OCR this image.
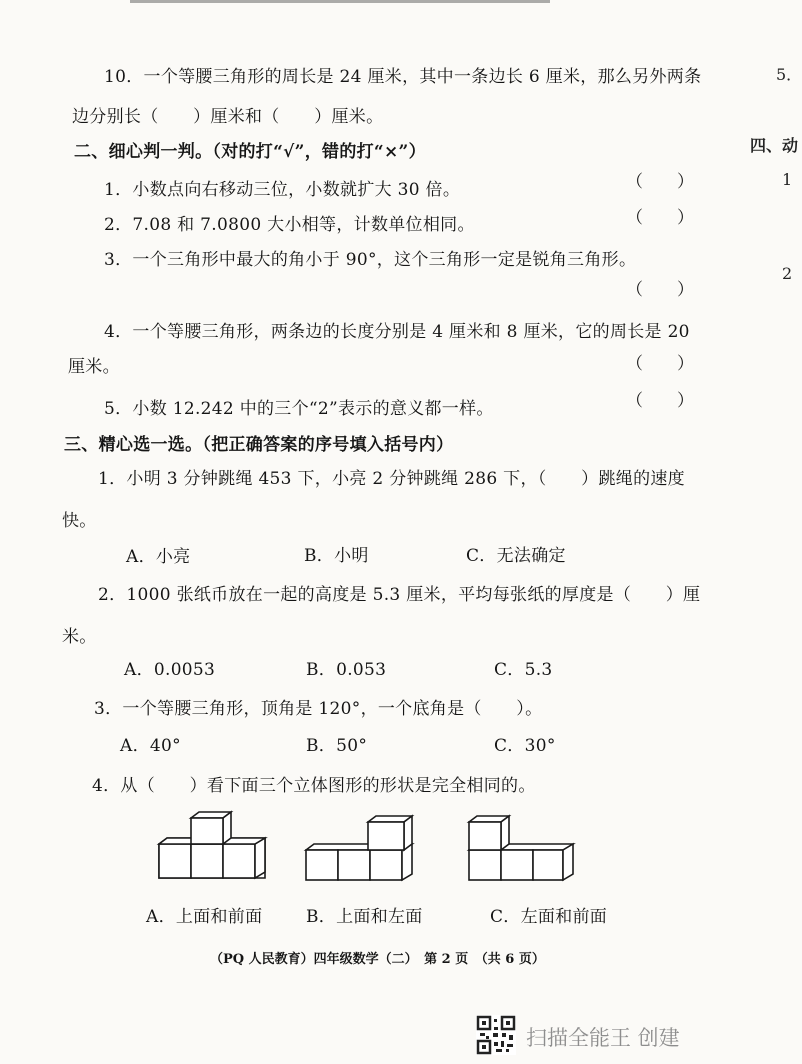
10．一个等腰三角形的周长是 24 厘米，其中一条边长 6 厘米，那么另外两条
边分别长（　　）厘米和（　　）厘米。
二、细心判一判。（对的打“√”，错的打“×”）
1．小数点向右移动三位，小数就扩大 30 倍。	（　　）
2．7.08 和 7.0800 大小相等，计数单位相同。	（　　）
3．一个三角形中最大的角小于 90°，这个三角形一定是锐角三角形。
（　　）
4．一个等腰三角形，两条边的长度分别是 4 厘米和 8 厘米，它的周长是 20
厘米。	（　　）
5．小数 12.242 中的三个“2”表示的意义都一样。	（　　）
三、精心选一选。（把正确答案的序号填入括号内）
1．小明 3 分钟跳绳 453 下，小亮 2 分钟跳绳 286 下，（　　）跳绳的速度
快。
A．小亮	B．小明	C．无法确定
2．1000 张纸币放在一起的高度是 5.3 厘米，平均每张纸的厚度是（　　）厘
米。
A．0.0053	B．0.053	C．5.3
3．一个等腰三角形，顶角是 120°，一个底角是（　　）。
A．40°	B．50°	C．30°
4．从（　　）看下面三个立体图形的形状是完全相同的。
A．上面和前面	B．上面和左面	C．左面和前面
（PQ 人民教育）四年级数学（二）　第 2 页　（共 6 页）
5．
四、动
1
2
扫描全能王 创建
